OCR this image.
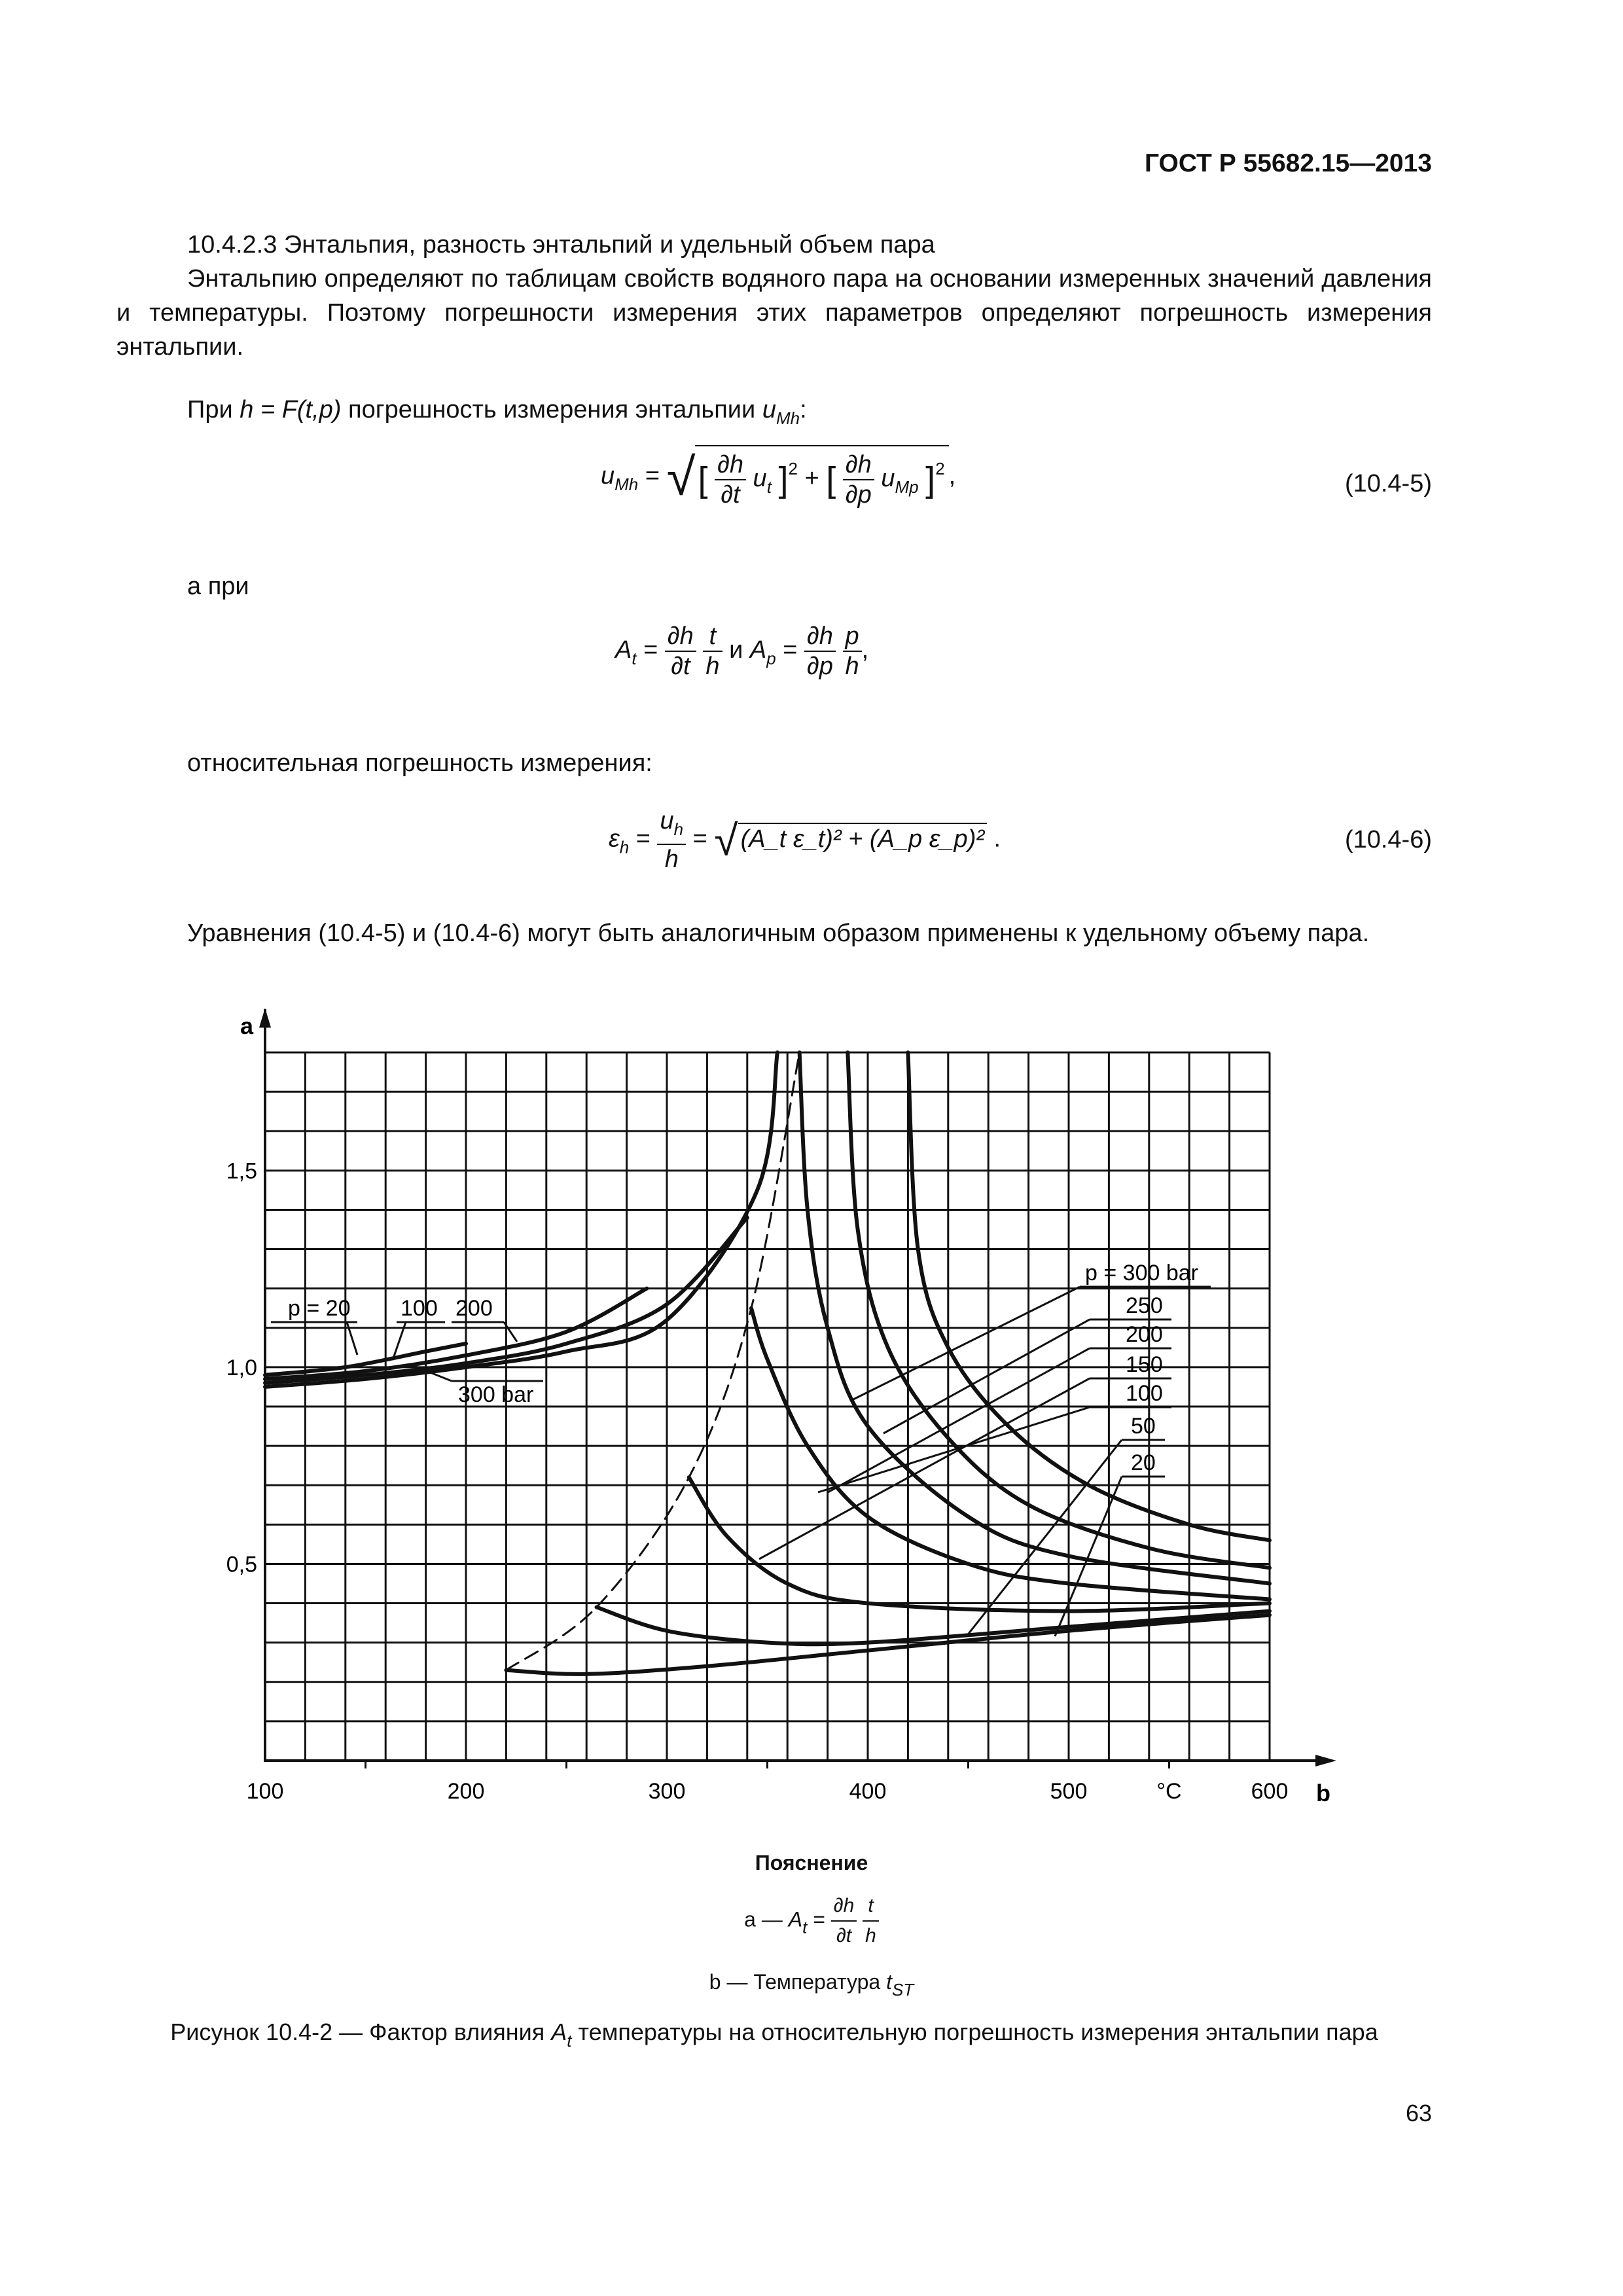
ГОСТ Р 55682.15—2013
10.4.2.3 Энтальпия, разность энтальпий и удельный объем пара
Энтальпию определяют по таблицам свойств водяного пара на основании измеренных значений давления и температуры. Поэтому погрешности измерения этих параметров определяют погрешность измерения энтальпии.
При h = F(t,p) погрешность измерения энтальпии $u_{Mh}$:
$u_{Mh}$ = √[ $\frac{\partial h}{\partial t} u_t$ ]$^2$ + [ $\frac{\partial h}{\partial p} u_{Mp}$ ]$^2$ ,	(10.4-5)
а при
$A_t = \frac{\partial h}{\partial t}$
$\frac{t}{h}$ и $A_p = \frac{\partial h}{\partial p}$
$\frac{p}{h}$ ,
относительная погрешность измерения:
$\varepsilon_h = \frac{u_h}{h}$ = √ (A_t ε_t)² + (A_p ε_p)² .	(10.4-6)
Уравнения (10.4-5) и (10.4-6) могут быть аналогичным образом применены к удельному объему пара.
100	200	300	400	500	600
°C	b
0,5
1,0
1,5
a
p = 20 100 200
300 bar
p = 300 bar
250
200
150
100
50
20
Пояснение
а — $A_t = \frac{\partial h}{\partial t}$
$\frac{t}{h}$
b — Температура $t_{ST}$
Рисунок 10.4-2 — Фактор влияния $A_t$ температуры на относительную погрешность измерения энтальпии пара
63
